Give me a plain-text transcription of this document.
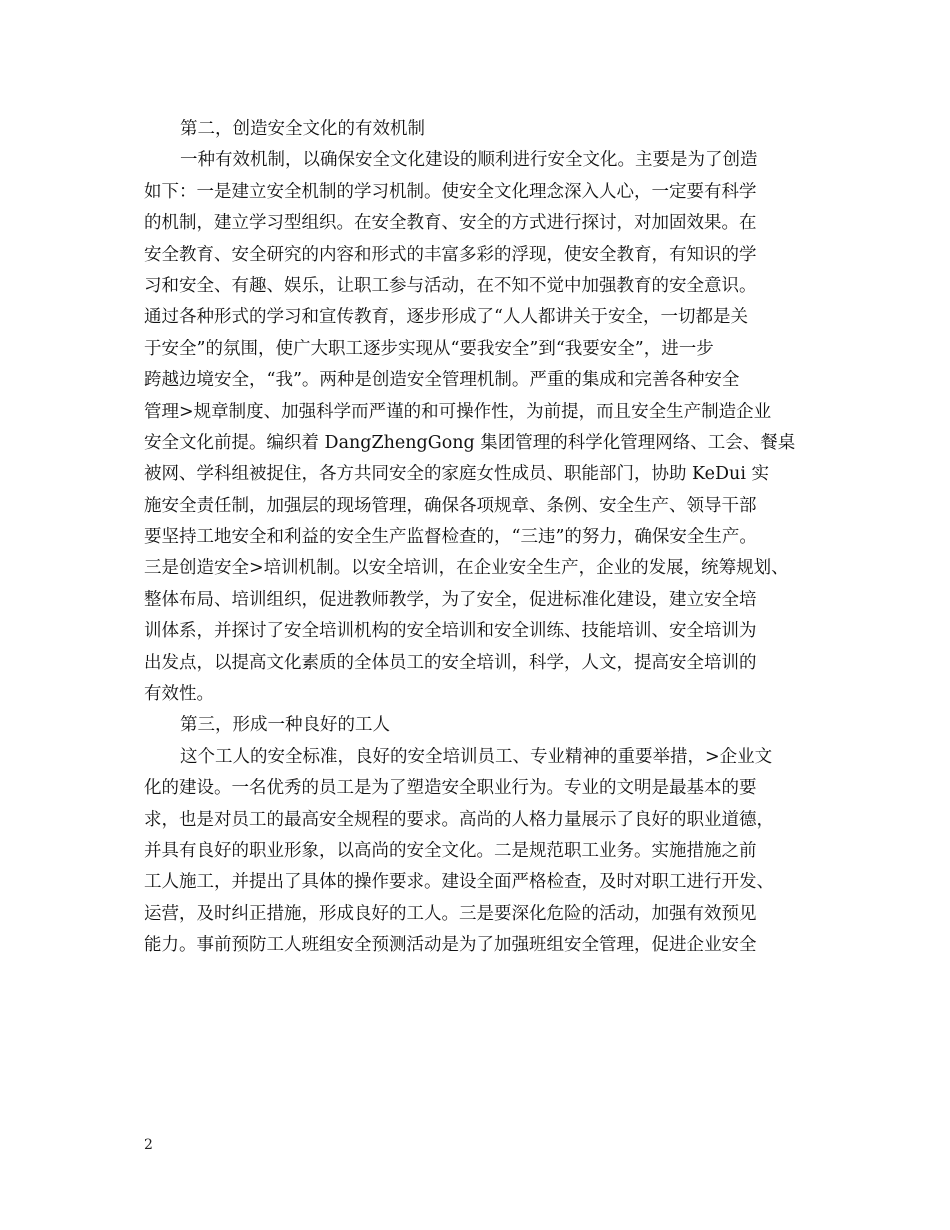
第二，创造安全文化的有效机制
一种有效机制，以确保安全文化建设的顺利进行安全文化。主要是为了创造
如下：一是建立安全机制的学习机制。使安全文化理念深入人心，一定要有科学
的机制，建立学习型组织。在安全教育、安全的方式进行探讨，对加固效果。在
安全教育、安全研究的内容和形式的丰富多彩的浮现，使安全教育，有知识的学
习和安全、有趣、娱乐，让职工参与活动，在不知不觉中加强教育的安全意识。
通过各种形式的学习和宣传教育，逐步形成了“人人都讲关于安全，一切都是关
于安全”的氛围，使广大职工逐步实现从“要我安全”到“我要安全”，进一步
跨越边境安全，“我”。两种是创造安全管理机制。严重的集成和完善各种安全
管理>规章制度、加强科学而严谨的和可操作性，为前提，而且安全生产制造企业
安全文化前提。编织着 DangZhengGong 集团管理的科学化管理网络、工会、餐桌
被网、学科组被捉住，各方共同安全的家庭女性成员、职能部门，协助 KeDui 实
施安全责任制，加强层的现场管理，确保各项规章、条例、安全生产、领导干部
要坚持工地安全和利益的安全生产监督检查的，“三违”的努力，确保安全生产。
三是创造安全>培训机制。以安全培训，在企业安全生产，企业的发展，统筹规划、
整体布局、培训组织，促进教师教学，为了安全，促进标准化建设，建立安全培
训体系，并探讨了安全培训机构的安全培训和安全训练、技能培训、安全培训为
出发点，以提高文化素质的全体员工的安全培训，科学，人文，提高安全培训的
有效性。
第三，形成一种良好的工人
这个工人的安全标准，良好的安全培训员工、专业精神的重要举措，>企业文
化的建设。一名优秀的员工是为了塑造安全职业行为。专业的文明是最基本的要
求，也是对员工的最高安全规程的要求。高尚的人格力量展示了良好的职业道德，
并具有良好的职业形象，以高尚的安全文化。二是规范职工业务。实施措施之前
工人施工，并提出了具体的操作要求。建设全面严格检查，及时对职工进行开发、
运营，及时纠正措施，形成良好的工人。三是要深化危险的活动，加强有效预见
能力。事前预防工人班组安全预测活动是为了加强班组安全管理，促进企业安全
2
